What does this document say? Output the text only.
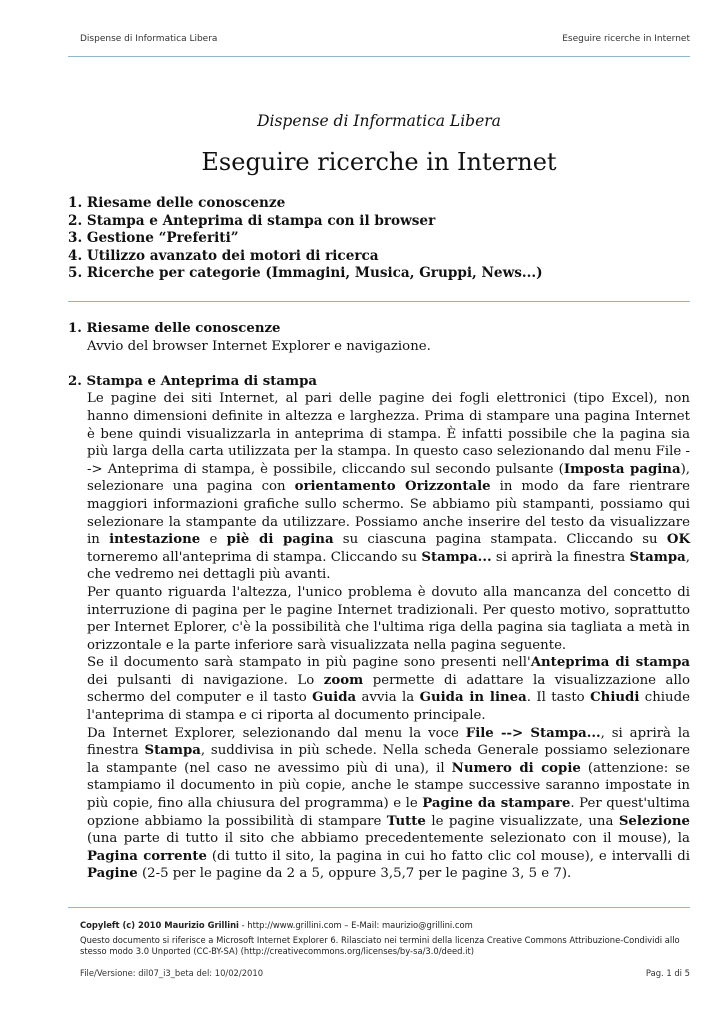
Dispense di Informatica Libera	Eseguire ricerche in Internet
Dispense di Informatica Libera
Eseguire ricerche in Internet
1. Riesame delle conoscenze
2. Stampa e Anteprima di stampa con il browser
3. Gestione “Preferiti”
4. Utilizzo avanzato dei motori di ricerca
5. Ricerche per categorie (Immagini, Musica, Gruppi, News...)
1. Riesame delle conoscenze
Avvio del browser Internet Explorer e navigazione.
2. Stampa e Anteprima di stampa

Le pagine dei siti Internet, al pari delle pagine dei fogli elettronici (tipo Excel), non hanno dimensioni definite in altezza e larghezza. Prima di stampare una pagina Internet è bene quindi visualizzarla in anteprima di stampa. È infatti possibile che la pagina sia più larga della carta utilizzata per la stampa. In questo caso selezionando dal menu File --> Anteprima di stampa, è possibile, cliccando sul secondo pulsante (Imposta pagina), selezionare una pagina con orientamento Orizzontale in modo da fare rientrare maggiori informazioni grafiche sullo schermo. Se abbiamo più stampanti, possiamo qui selezionare la stampante da utilizzare. Possiamo anche inserire del testo da visualizzare in intestazione e piè di pagina su ciascuna pagina stampata. Cliccando su OK torneremo all'anteprima di stampa. Cliccando su Stampa... si aprirà la finestra Stampa, che vedremo nei dettagli più avanti.

Per quanto riguarda l'altezza, l'unico problema è dovuto alla mancanza del concetto di interruzione di pagina per le pagine Internet tradizionali. Per questo motivo, soprattutto per Internet Eplorer, c'è la possibilità che l'ultima riga della pagina sia tagliata a metà in orizzontale e la parte inferiore sarà visualizzata nella pagina seguente.

Se il documento sarà stampato in più pagine sono presenti nell'Anteprima di stampa dei pulsanti di navigazione. Lo zoom permette di adattare la visualizzazione allo schermo del computer e il tasto Guida avvia la Guida in linea. Il tasto Chiudi chiude l'anteprima di stampa e ci riporta al documento principale.

Da Internet Explorer, selezionando dal menu la voce File --> Stampa..., si aprirà la finestra Stampa, suddivisa in più schede. Nella scheda Generale possiamo selezionare la stampante (nel caso ne avessimo più di una), il Numero di copie (attenzione: se stampiamo il documento in più copie, anche le stampe successive saranno impostate in più copie, fino alla chiusura del programma) e le Pagine da stampare. Per quest'ultima opzione abbiamo la possibilità di stampare Tutte le pagine visualizzate, una Selezione (una parte di tutto il sito che abbiamo precedentemente selezionato con il mouse), la Pagina corrente (di tutto il sito, la pagina in cui ho fatto clic col mouse), e intervalli di Pagine (2-5 per le pagine da 2 a 5, oppure 3,5,7 per le pagine 3, 5 e 7).

Copyleft (c) 2010 Maurizio Grillini - http://www.grillini.com – E-Mail: maurizio@grillini.com
Questo documento si riferisce a Microsoft Internet Explorer 6. Rilasciato nei termini della licenza Creative Commons Attribuzione-Condividi allo stesso modo 3.0 Unported (CC-BY-SA) (http://creativecommons.org/licenses/by-sa/3.0/deed.it)
File/Versione: dil07_i3_beta del: 10/02/2010	Pag. 1 di 5
